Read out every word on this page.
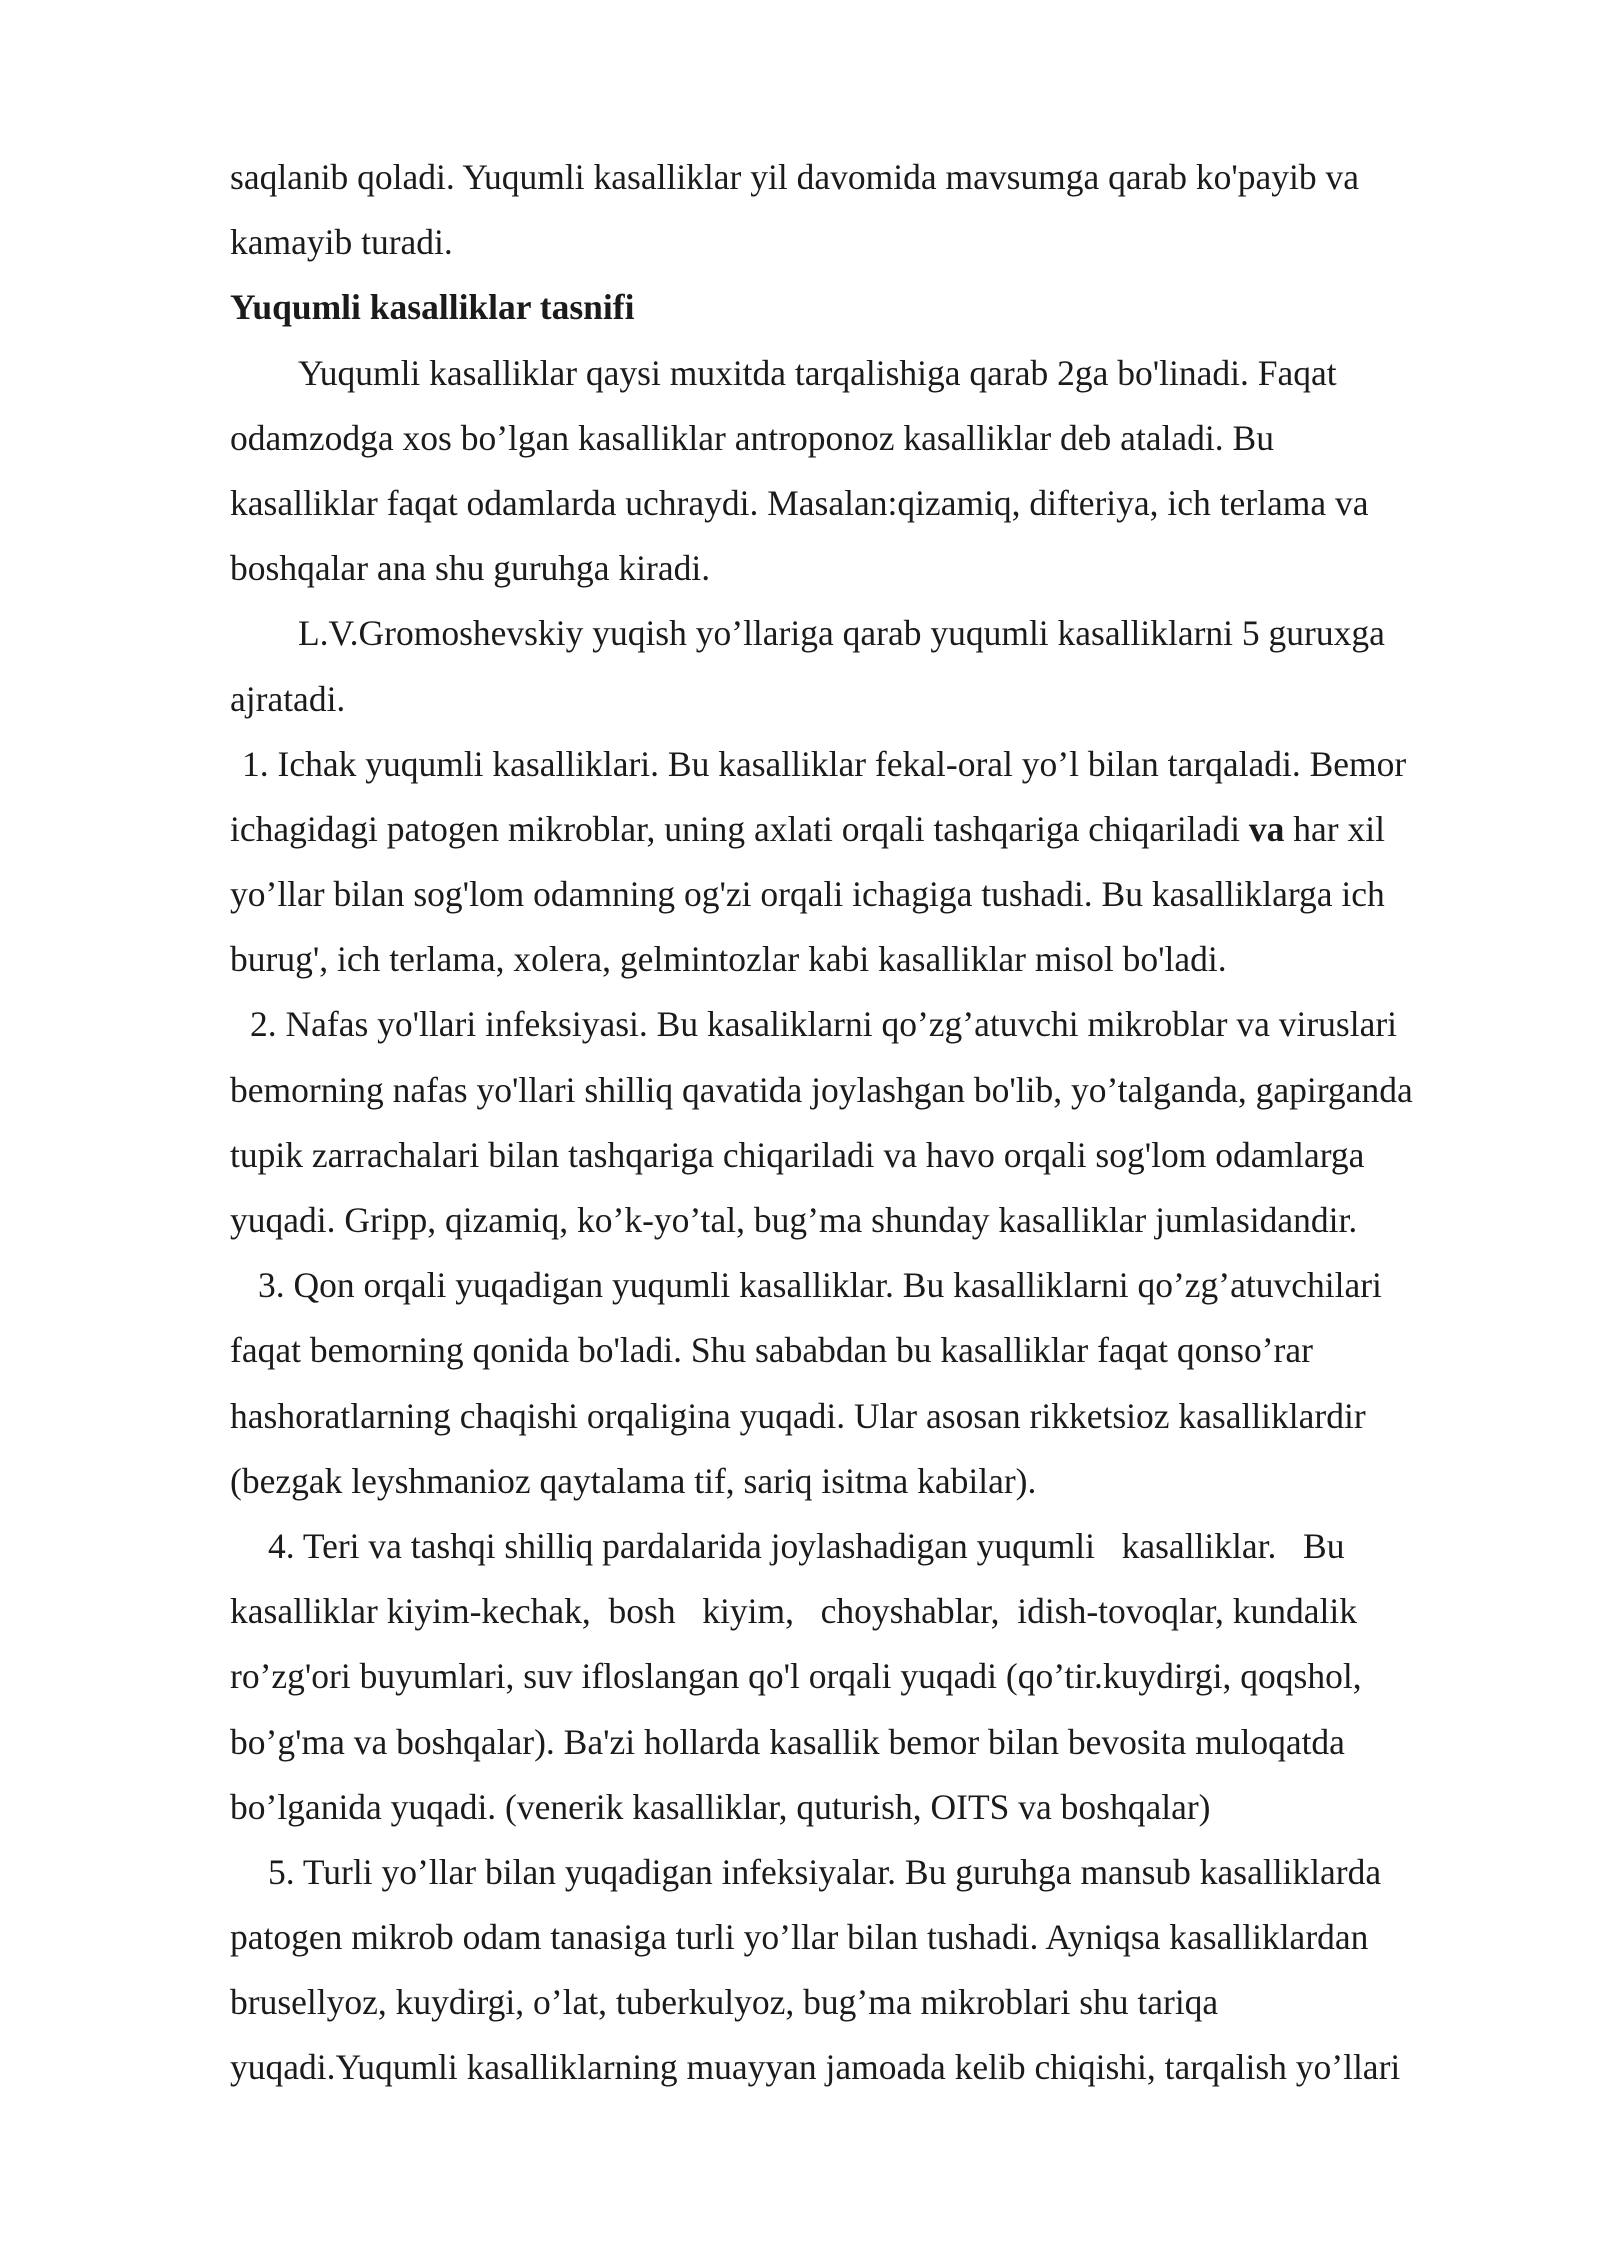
saqlanib qoladi. Yuqumli kasalliklar yil davomida mavsumga qarab ko'payib va
kamayib turadi.
Yuqumli kasalliklar tasnifi
Yuqumli kasalliklar qaysi muxitda tarqalishiga qarab 2ga bo'linadi. Faqat
odamzodga xos bo’lgan kasalliklar antroponoz kasalliklar deb ataladi. Bu
kasalliklar faqat odamlarda uchraydi. Masalan:qizamiq, difteriya, ich terlama va
boshqalar ana shu guruhga kiradi.
L.V.Gromoshevskiy yuqish yo’llariga qarab yuqumli kasalliklarni 5 guruxga
ajratadi.
1. Ichak yuqumli kasalliklari. Bu kasalliklar fekal-oral yo’l bilan tarqaladi. Bemor
ichagidagi patogen mikroblar, uning axlati orqali tashqariga chiqariladi va har xil
yo’llar bilan sog'lom odamning og'zi orqali ichagiga tushadi. Bu kasalliklarga ich
burug', ich terlama, xolera, gelmintozlar kabi kasalliklar misol bo'ladi.
2. Nafas yo'llari infeksiyasi. Bu kasaliklarni qo’zg’atuvchi mikroblar va viruslari
bemorning nafas yo'llari shilliq qavatida joylashgan bo'lib, yo’talganda, gapirganda
tupik zarrachalari bilan tashqariga chiqariladi va havo orqali sog'lom odamlarga
yuqadi. Gripp, qizamiq, ko’k-yo’tal, bug’ma shunday kasalliklar jumlasidandir.
3. Qon orqali yuqadigan yuqumli kasalliklar. Bu kasalliklarni qo’zg’atuvchilari
faqat bemorning qonida bo'ladi. Shu sababdan bu kasalliklar faqat qonso’rar
hashoratlarning chaqishi orqaligina yuqadi. Ular asosan rikketsioz kasalliklardir
(bezgak leyshmanioz qaytalama tif, sariq isitma kabilar).
4. Teri va tashqi shilliq pardalarida joylashadigan yuqumli   kasalliklar.   Bu
kasalliklar kiyim-kechak,  bosh   kiyim,   choyshablar,  idish-tovoqlar, kundalik
ro’zg'ori buyumlari, suv ifloslangan qo'l orqali yuqadi (qo’tir.kuydirgi, qoqshol,
bo’g'ma va boshqalar). Ba'zi hollarda kasallik bemor bilan bevosita muloqatda
bo’lganida yuqadi. (venerik kasalliklar, quturish, OITS va boshqalar)
5. Turli yo’llar bilan yuqadigan infeksiyalar. Bu guruhga mansub kasalliklarda
patogen mikrob odam tanasiga turli yo’llar bilan tushadi. Ayniqsa kasalliklardan
brusellyoz, kuydirgi, o’lat, tuberkulyoz, bug’ma mikroblari shu tariqa
yuqadi.Yuqumli kasalliklarning muayyan jamoada kelib chiqishi, tarqalish yo’llari
